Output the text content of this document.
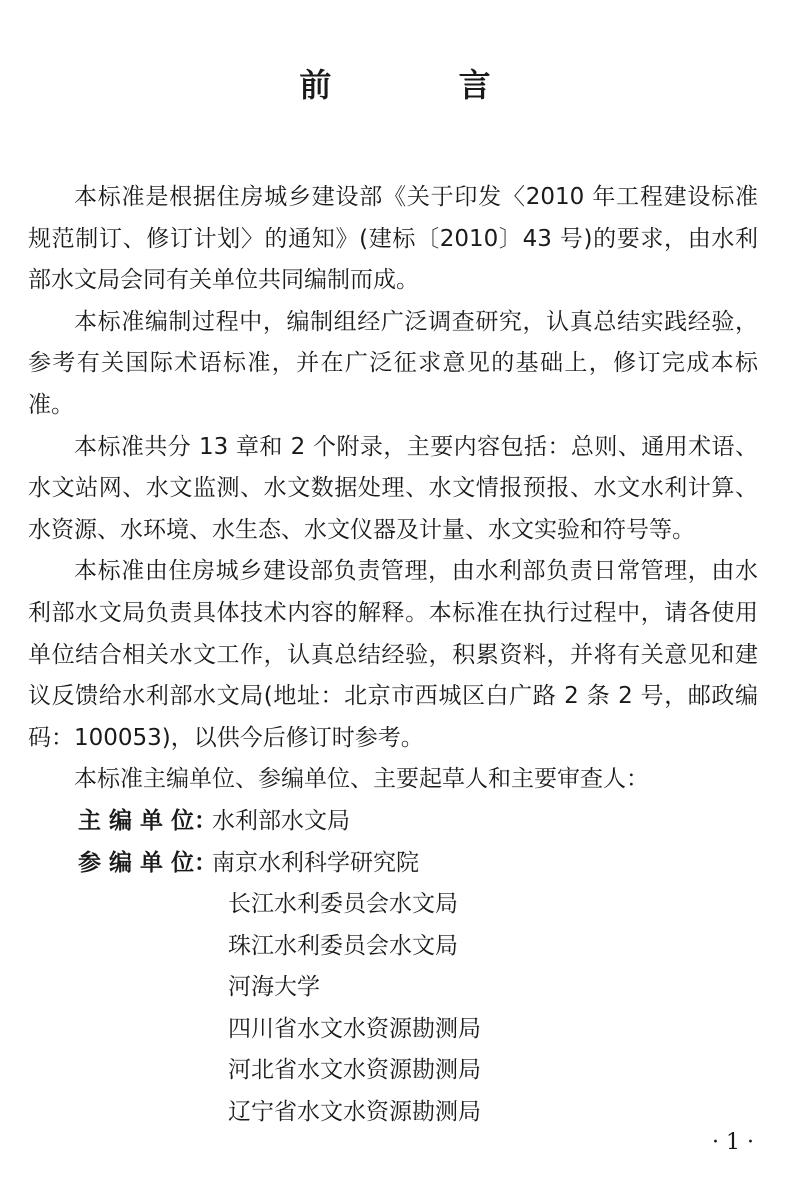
前 言

本标准是根据住房城乡建设部《关于印发〈2010 年工程建设标准规范制订、修订计划〉的通知》(建标〔2010〕43 号)的要求，由水利部水文局会同有关单位共同编制而成。

本标准编制过程中，编制组经广泛调查研究，认真总结实践经验，参考有关国际术语标准，并在广泛征求意见的基础上，修订完成本标准。

本标准共分 13 章和 2 个附录，主要内容包括：总则、通用术语、水文站网、水文监测、水文数据处理、水文情报预报、水文水利计算、水资源、水环境、水生态、水文仪器及计量、水文实验和符号等。

本标准由住房城乡建设部负责管理，由水利部负责日常管理，由水利部水文局负责具体技术内容的解释。本标准在执行过程中，请各使用单位结合相关水文工作，认真总结经验，积累资料，并将有关意见和建议反馈给水利部水文局(地址：北京市西城区白广路 2 条 2 号，邮政编码：100053)，以供今后修订时参考。

本标准主编单位、参编单位、主要起草人和主要审查人：

主 编 单 位：水利部水文局

参 编 单 位：南京水利科学研究院

长江水利委员会水文局

珠江水利委员会水文局

河海大学

四川省水文水资源勘测局

河北省水文水资源勘测局

辽宁省水文水资源勘测局

· 1 ·
